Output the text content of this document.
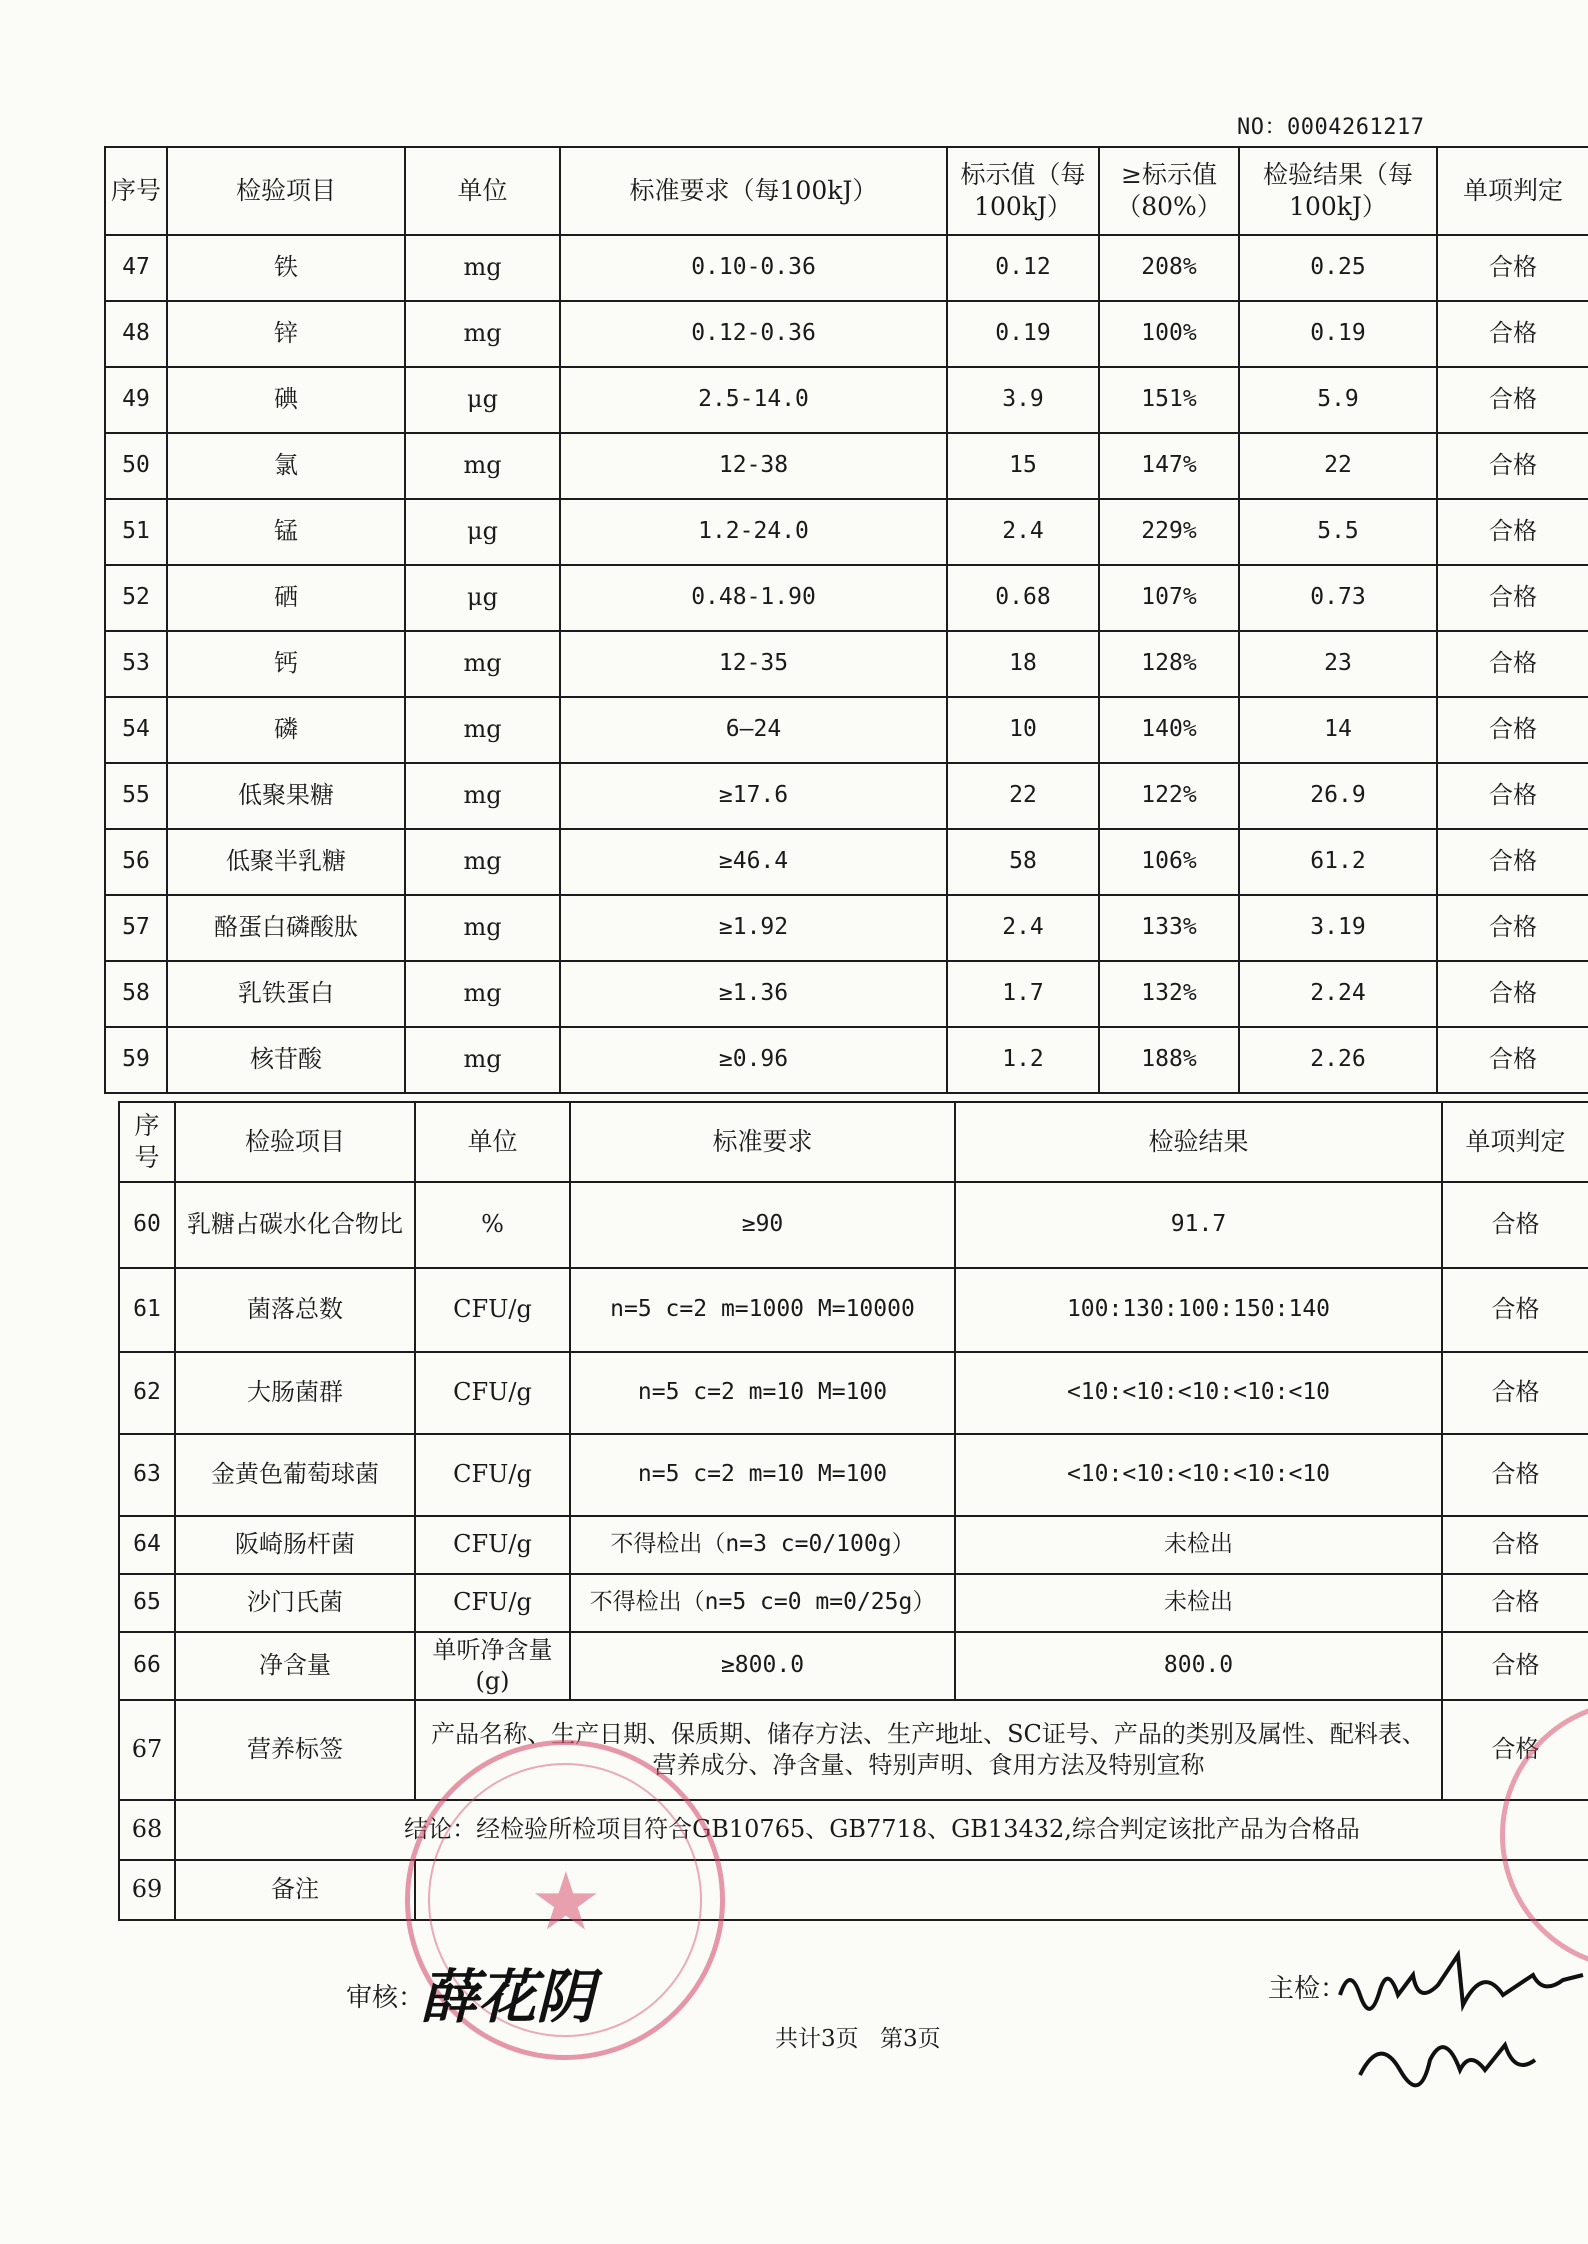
NO：0004261217
序号	检验项目	单位	标准要求（每100kJ）	标示值（每100kJ）	≥标示值（80%）	检验结果（每100kJ）	单项判定
47	铁	mg	0.10-0.36	0.12	208%	0.25	合格
48	锌	mg	0.12-0.36	0.19	100%	0.19	合格
49	碘	μg	2.5-14.0	3.9	151%	5.9	合格
50	氯	mg	12-38	15	147%	22	合格
51	锰	μg	1.2-24.0	2.4	229%	5.5	合格
52	硒	μg	0.48-1.90	0.68	107%	0.73	合格
53	钙	mg	12-35	18	128%	23	合格
54	磷	mg	6—24	10	140%	14	合格
55	低聚果糖	mg	≥17.6	22	122%	26.9	合格
56	低聚半乳糖	mg	≥46.4	58	106%	61.2	合格
57	酪蛋白磷酸肽	mg	≥1.92	2.4	133%	3.19	合格
58	乳铁蛋白	mg	≥1.36	1.7	132%	2.24	合格
59	核苷酸	mg	≥0.96	1.2	188%	2.26	合格
序号	检验项目	单位	标准要求	检验结果	单项判定
60	乳糖占碳水化合物比	%	≥90	91.7	合格
61	菌落总数	CFU/g	n=5 c=2 m=1000 M=10000	100:130:100:150:140	合格
62	大肠菌群	CFU/g	n=5 c=2 m=10 M=100	<10:<10:<10:<10:<10	合格
63	金黄色葡萄球菌	CFU/g	n=5 c=2 m=10 M=100	<10:<10:<10:<10:<10	合格
64	阪崎肠杆菌	CFU/g	不得检出（n=3 c=0/100g）	未检出	合格
65	沙门氏菌	CFU/g	不得检出（n=5 c=0 m=0/25g）	未检出	合格
66	净含量	单听净含量(g)	≥800.0	800.0	合格
67	营养标签	产品名称、生产日期、保质期、储存方法、生产地址、SC证号、产品的类别及属性、配料表、营养成分、净含量、特别声明、食用方法及特别宣称			合格
68	结论：经检验所检项目符合GB10765、GB7718、GB13432,综合判定该批产品为合格品				
69	备注					★
审核：
薛花阴
共计3页 第3页
主检：
